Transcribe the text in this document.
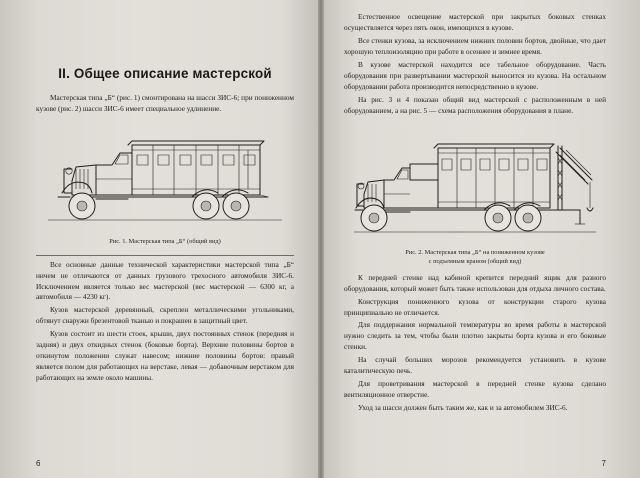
II. Общее описание мастерской

Мастерская типа „Б“ (рис. 1) смонтирована на шасси ЗИС-6; при пониженном кузове (рис. 2) шасси ЗИС-6 имеет специальное удлинение.

Рис. 1. Мастерская типа „Б“ (общий вид)

Все основные данные технической характеристики мастерской типа „Б“ ничем не отличаются от данных грузового трехосного автомобиля ЗИС-6. Исключением является только вес мастерской (вес мастерской — 6300 кг, а автомобиля — 4230 кг).

Кузов мастерской деревянный, скреплен металлическими угольниками, обтянут снаружи брезентовой тканью и покрашен в защитный цвет.

Кузов состоит из шести стоек, крыши, двух постоянных стенок (передняя и задняя) и двух откидных стенок (боковые борта). Верхние половины бортов в откинутом положении служат навесом; нижние половины бортов: правый является полом для работающих на верстаке, левая — добавочным верстаком для работающих на земле около машины.

6

Естественное освещение мастерской при закрытых боковых стенках осуществляется через пять окон, имеющихся в кузове.

Все стенки кузова, за исключением нижних половин бортов, двойные, что дает хорошую теплоизоляцию при работе в осеннее и зимнее время.

В кузове мастерской находится все табельное оборудование. Часть оборудования при развертывании мастерской выносится из кузова. На остальном оборудовании работа производится непосредственно в кузове.

На рис. 3 и 4 показан общий вид мастерской с расположенным в ней оборудованием, а на рис. 5 — схема расположения оборудования в плане.

Рис. 2. Мастерская типа „Б“ на пониженном кузове
с подъемным краном (общий вид)

К передней стенке над кабиной крепится передний ящик для разного оборудования, который может быть также использован для отдыха личного состава.

Конструкция пониженного кузова от конструкции старого кузова принципиально не отличается.

Для поддержания нормальной температуры во время работы в мастерской нужно следить за тем, чтобы были плотно закрыты борта кузова и его боковые стенки.

На случай больших морозов рекомендуется установить в кузове каталитическую печь.

Для проветривания мастерской в передней стенке кузова сделано вентиляционное отверстие.

Уход за шасси должен быть таким же, как и за автомобилем ЗИС-6.

7
